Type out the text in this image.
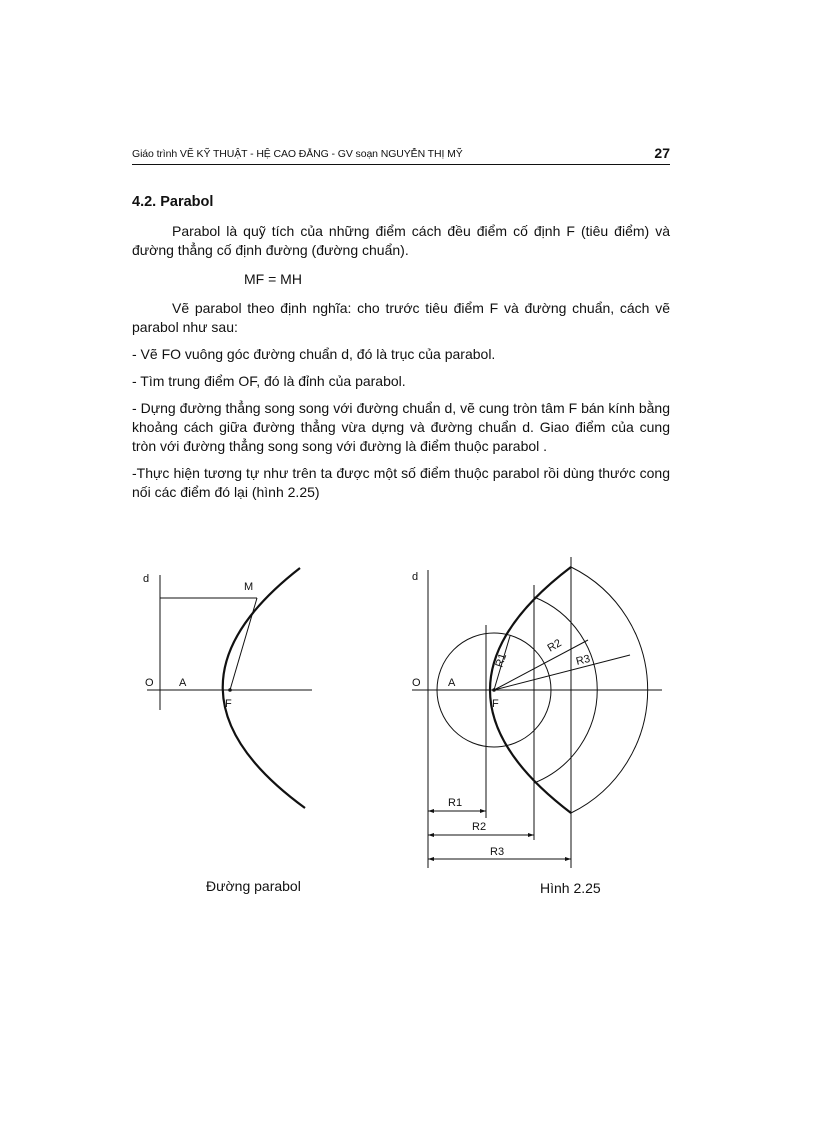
Giáo trình VẼ KỸ THUẬT - HỆ CAO ĐẲNG - GV soạn NGUYỄN THỊ MỸ	27
4.2. Parabol

Parabol là quỹ tích của những điểm cách đều điểm cố định F (tiêu điểm) và đường thẳng cố định đường (đường chuẩn).

MF = MH

Vẽ parabol theo định nghĩa: cho trước tiêu điểm F và đường chuẩn, cách vẽ parabol như sau:

- Vẽ FO vuông góc đường chuẩn d, đó là trục của parabol.

- Tìm trung điểm OF, đó là đỉnh của parabol.

- Dựng đường thẳng song song với đường chuẩn d, vẽ cung tròn tâm F bán kính bằng khoảng cách giữa đường thẳng vừa dựng và đường chuẩn d. Giao điểm của cung tròn với đường thẳng song song với đường là điểm thuộc parabol .

-Thực hiện tương tự như trên ta được một số điểm thuộc parabol rồi dùng thước cong nối các điểm đó lại (hình 2.25)

d
M
O A
F
d
O A
F
R1
R2
R3
R1
R2
R3
Đường parabol	Hình 2.25
